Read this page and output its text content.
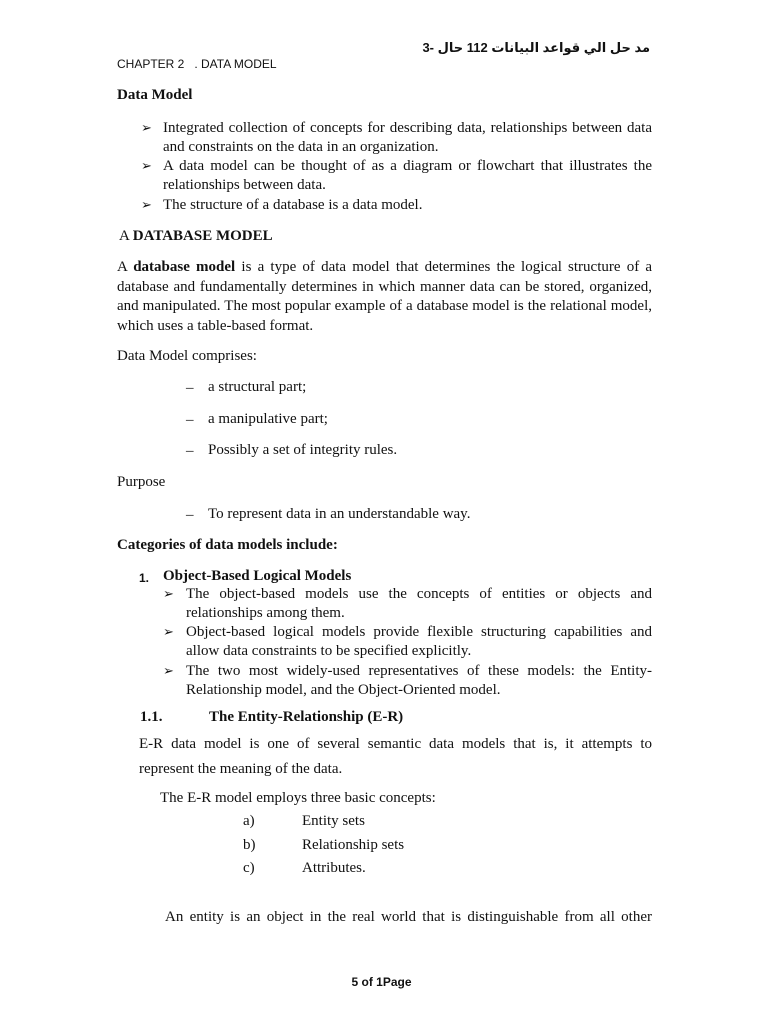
مد حل الي قواعد البيانات 112 حال -3
CHAPTER 2   . DATA MODEL
Data Model
➢ Integrated collection of concepts for describing data, relationships between data and constraints on the data in an organization.
➢ A data model can be thought of as a diagram or flowchart that illustrates the relationships between data.
➢ The structure of a database is a data model.
A DATABASE MODEL
A database model is a type of data model that determines the logical structure of a database and fundamentally determines in which manner data can be stored, organized, and manipulated. The most popular example of a database model is the relational model, which uses a table-based format.
Data Model comprises:
– a structural part;
– a manipulative part;
– Possibly a set of integrity rules.
Purpose
– To represent data in an understandable way.
Categories of data models include:
1. Object-Based Logical Models
➢ The object-based models use the concepts of entities or objects and relationships among them.
➢ Object-based logical models provide flexible structuring capabilities and allow data constraints to be specified explicitly.
➢ The two most widely-used representatives of these models: the Entity-Relationship model, and the Object-Oriented model.
1.1.	The Entity-Relationship (E-R)
E-R data model is one of several semantic data models that is, it attempts to represent the meaning of the data.
The E-R model employs three basic concepts:
a)	Entity sets
b)	Relationship sets
c)	Attributes.
An entity is an object in the real world that is distinguishable from all other
5 of 1Page
